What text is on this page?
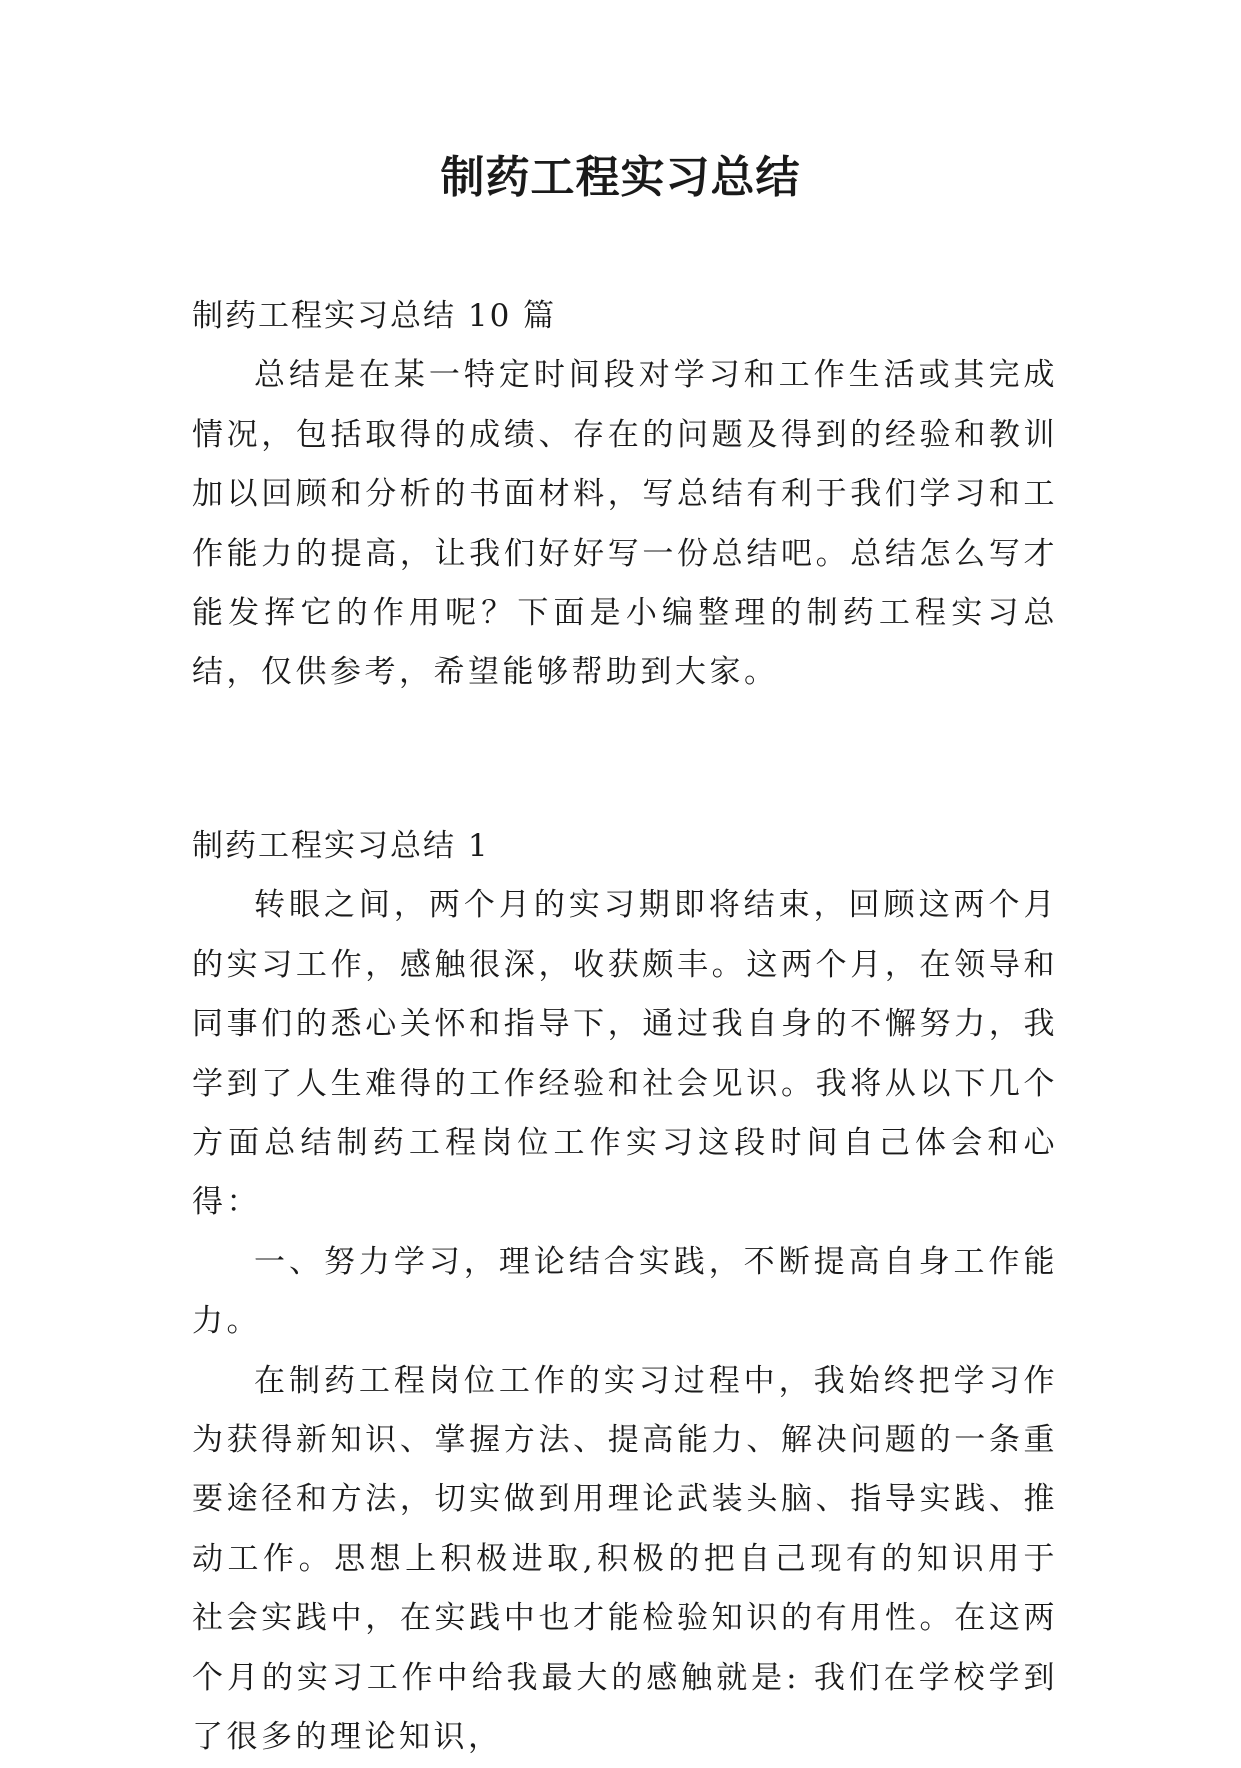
制药工程实习总结
制药工程实习总结 10 篇

总结是在某一特定时间段对学习和工作生活或其完成情况，包括取得的成绩、存在的问题及得到的经验和教训加以回顾和分析的书面材料，写总结有利于我们学习和工作能力的提高，让我们好好写一份总结吧。总结怎么写才能发挥它的作用呢？下面是小编整理的制药工程实习总结，仅供参考，希望能够帮助到大家。

制药工程实习总结 1

转眼之间，两个月的实习期即将结束，回顾这两个月的实习工作，感触很深，收获颇丰。这两个月，在领导和同事们的悉心关怀和指导下，通过我自身的不懈努力，我学到了人生难得的工作经验和社会见识。我将从以下几个方面总结制药工程岗位工作实习这段时间自己体会和心得：

一、努力学习，理论结合实践，不断提高自身工作能力。

在制药工程岗位工作的实习过程中，我始终把学习作为获得新知识、掌握方法、提高能力、解决问题的一条重要途径和方法，切实做到用理论武装头脑、指导实践、推动工作。思想上积极进取,积极的把自己现有的知识用于社会实践中，在实践中也才能检验知识的有用性。在这两个月的实习工作中给我最大的感触就是: 我们在学校学到了很多的理论知识，
